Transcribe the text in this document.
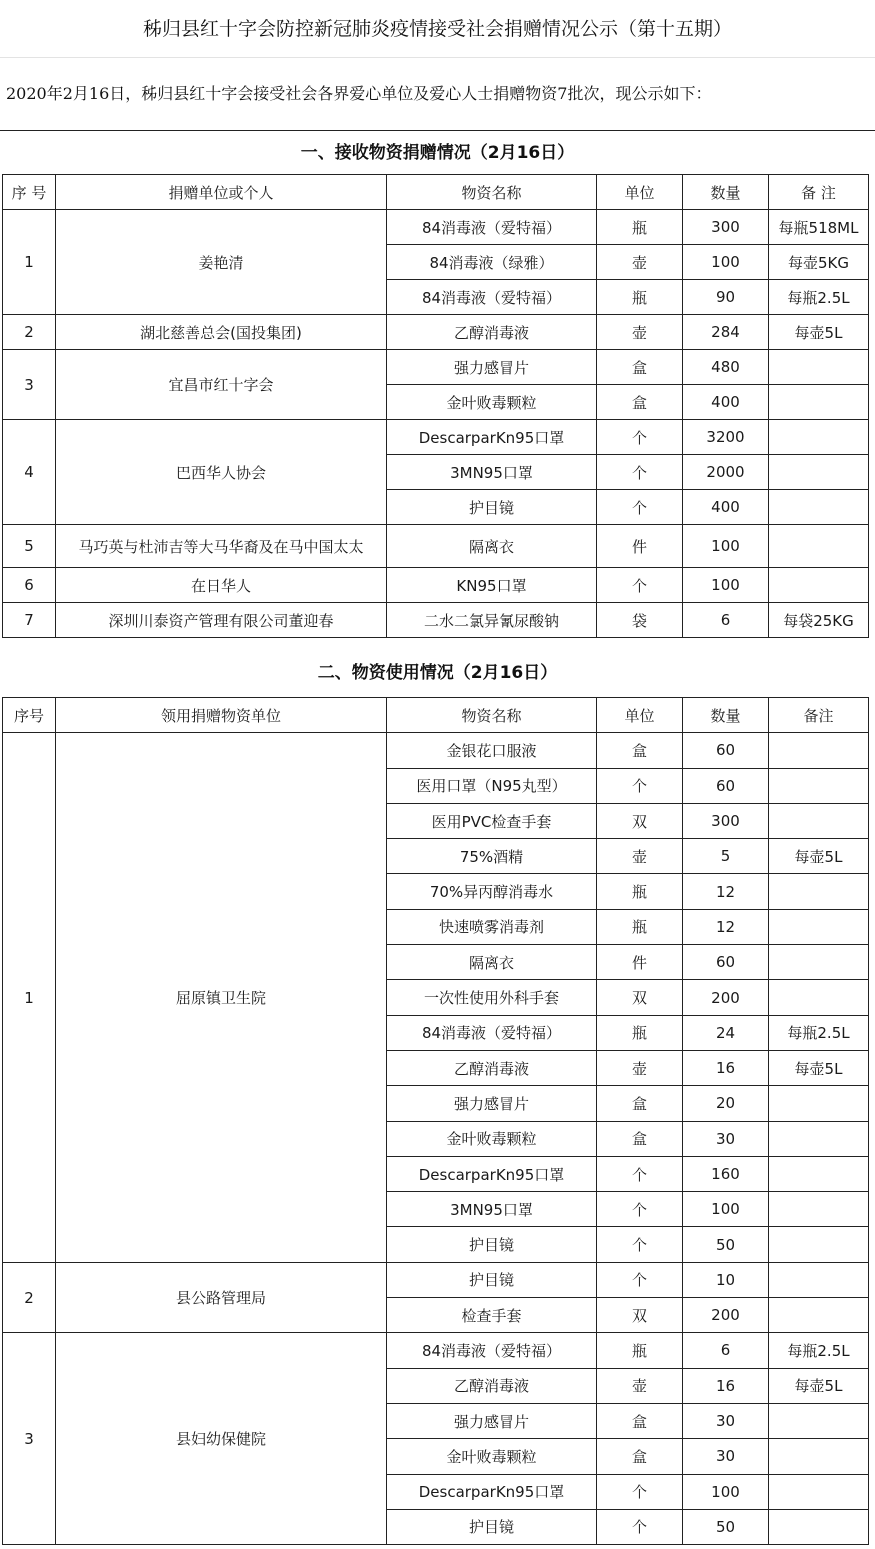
秭归县红十字会防控新冠肺炎疫情接受社会捐赠情况公示（第十五期）
2020年2月16日，秭归县红十字会接受社会各界爱心单位及爱心人士捐赠物资7批次，现公示如下：
一、接收物资捐赠情况（2月16日）
序 号	捐赠单位或个人	物资名称	单位	数量	备 注
1	姜艳清	84消毒液（爱特福）	瓶	300	每瓶518ML
		84消毒液（绿雅）	壶	100	每壶5KG
		84消毒液（爱特福）	瓶	90	每瓶2.5L
2	湖北慈善总会(国投集团)	乙醇消毒液	壶	284	每壶5L
3	宜昌市红十字会	强力感冒片	盒	480	
		金叶败毒颗粒	盒	400	
4	巴西华人协会	DescarparKn95口罩	个	3200	
		3MN95口罩	个	2000	
		护目镜	个	400	
5	马巧英与杜沛吉等大马华裔及在马中国太太	隔离衣	件	100	
6	在日华人	KN95口罩	个	100	
7	深圳川泰资产管理有限公司董迎春	二水二氯异氰尿酸钠	袋	6	每袋25KG
二、物资使用情况（2月16日）
序号	领用捐赠物资单位	物资名称	单位	数量	备注
1	屈原镇卫生院	金银花口服液	盒	60	
		医用口罩（N95丸型）	个	60	
		医用PVC检查手套	双	300	
		75%酒精	壶	5	每壶5L
		70%异丙醇消毒水	瓶	12	
		快速喷雾消毒剂	瓶	12	
		隔离衣	件	60	
		一次性使用外科手套	双	200	
		84消毒液（爱特福）	瓶	24	每瓶2.5L
		乙醇消毒液	壶	16	每壶5L
		强力感冒片	盒	20	
		金叶败毒颗粒	盒	30	
		DescarparKn95口罩	个	160	
		3MN95口罩	个	100	
		护目镜	个	50	
2	县公路管理局	护目镜	个	10	
		检查手套	双	200	
3	县妇幼保健院	84消毒液（爱特福）	瓶	6	每瓶2.5L
		乙醇消毒液	壶	16	每壶5L
		强力感冒片	盒	30	
		金叶败毒颗粒	盒	30	
		DescarparKn95口罩	个	100	
		护目镜	个	50	
